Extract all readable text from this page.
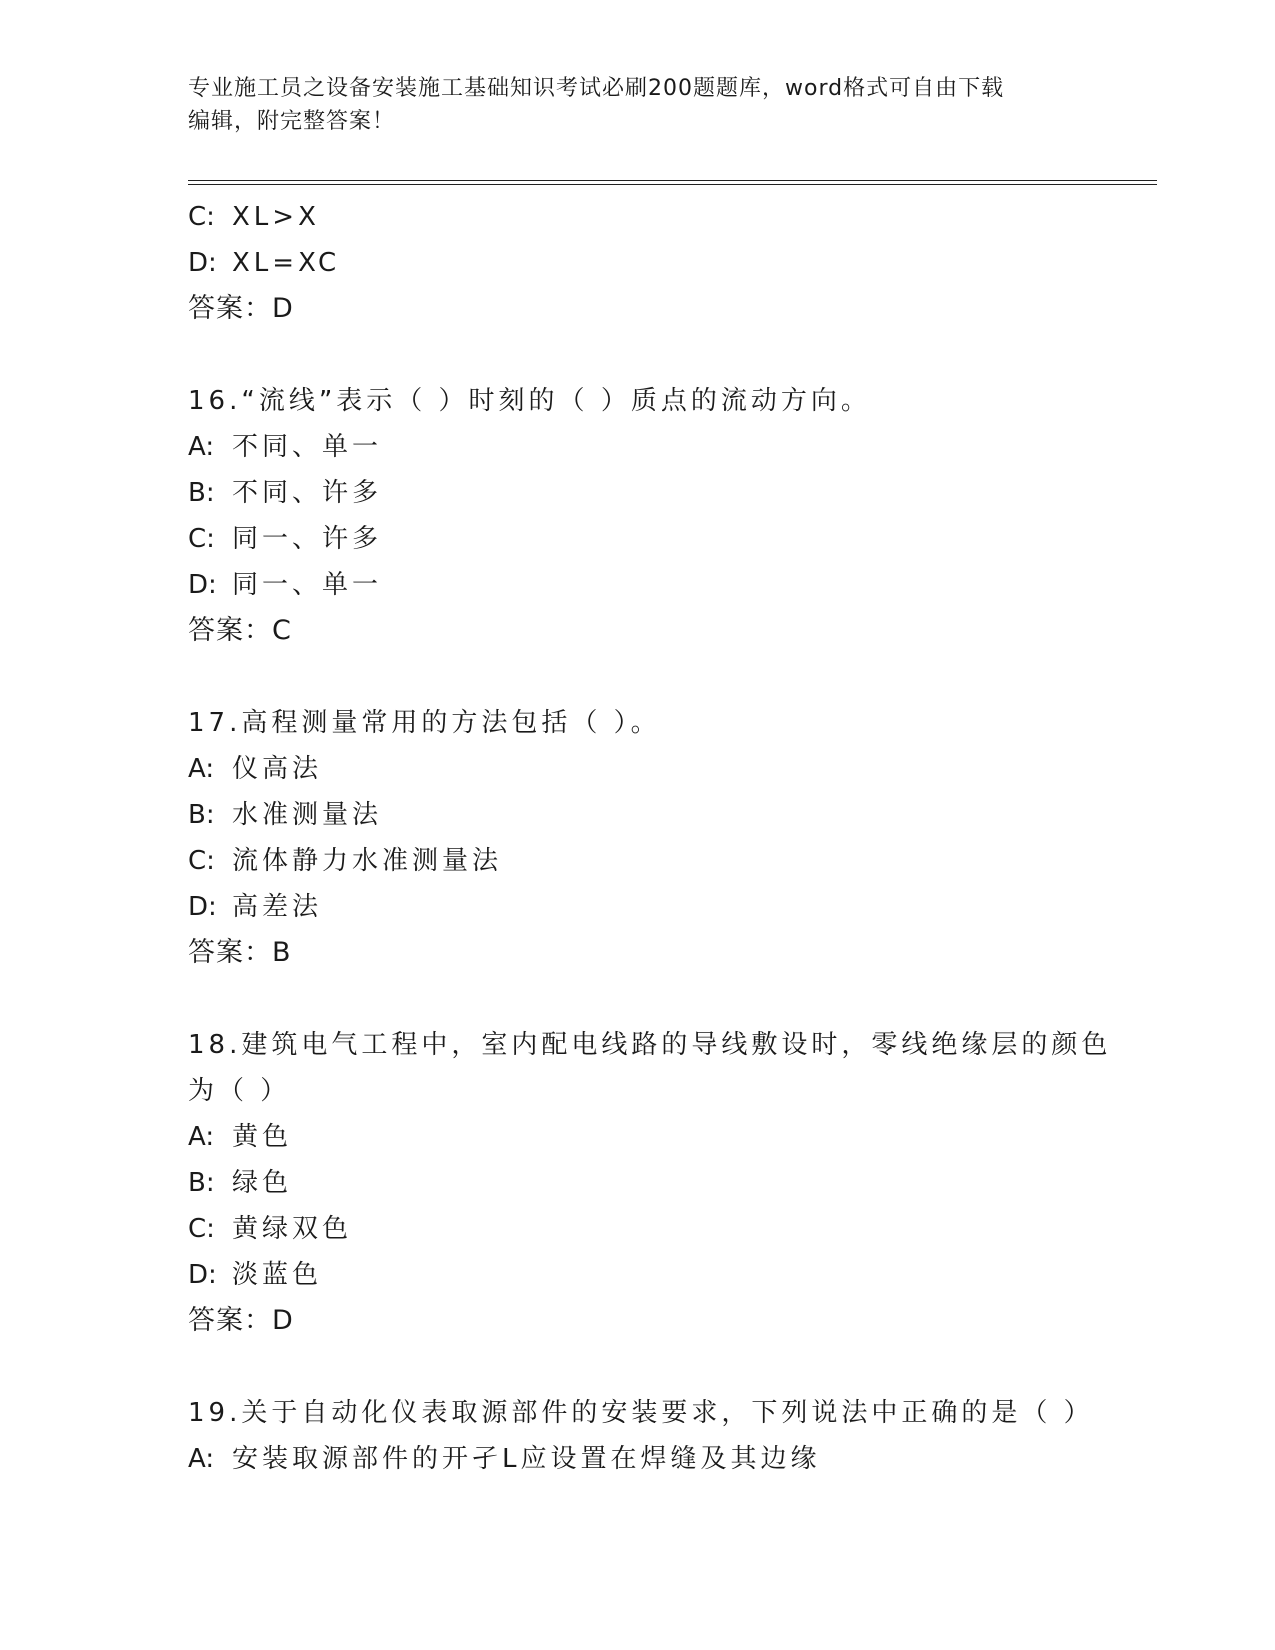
专业施工员之设备安装施工基础知识考试必刷200题题库，word格式可自由下载
编辑，附完整答案！
C: XL>X
D: XL=XC
答案：D
16.“流线”表示（ ）时刻的（ ）质点的流动方向。
A: 不同、单一
B: 不同、许多
C: 同一、许多
D: 同一、单一
答案：C
17.高程测量常用的方法包括（ ）。
A: 仪高法
B: 水准测量法
C: 流体静力水准测量法
D: 高差法
答案：B
18.建筑电气工程中，室内配电线路的导线敷设时，零线绝缘层的颜色
为（ ）
A: 黄色
B: 绿色
C: 黄绿双色
D: 淡蓝色
答案：D
19.关于自动化仪表取源部件的安装要求，下列说法中正确的是（ ）
A: 安装取源部件的开孑L应设置在焊缝及其边缘
